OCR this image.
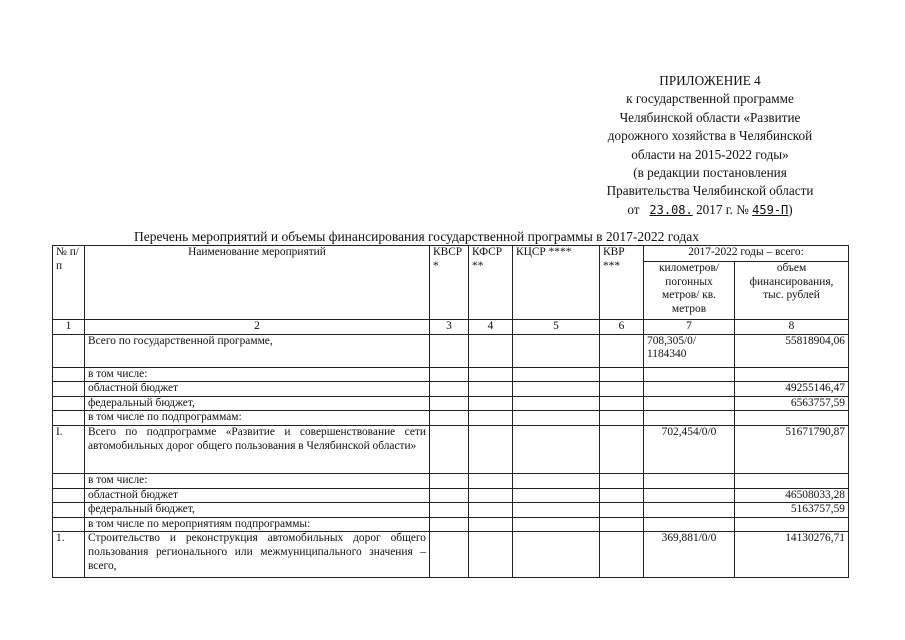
ПРИЛОЖЕНИЕ 4
к государственной программе
Челябинской области «Развитие
дорожного хозяйства в Челябинской
области на 2015-2022 годы»
(в редакции постановления
Правительства Челябинской области
от 23.08. 2017 г. № 459-П)
Перечень мероприятий и объемы финансирования государственной программы в 2017-2022 годах
№ п/п	Наименование мероприятий	КВСР *	КФСР **	КЦСР ****	КВР ***	2017-2022 годы – всего:	
						километров/ погонных метров/ кв. метров	объем финансирования, тыс. рублей
1	2	3	4	5	6	7	8
	Всего по государственной программе,					708,305/0/ 1184340	55818904,06
	в том числе:						
	областной бюджет						49255146,47
	федеральный бюджет,						6563757,59
	в том числе по подпрограммам:						
I.	Всего по подпрограмме «Развитие и совершенствование сети автомобильных дорог общего пользования в Челябинской области»					702,454/0/0	51671790,87
	в том числе:						
	областной бюджет						46508033,28
	федеральный бюджет,						5163757,59
	в том числе по мероприятиям подпрограммы:						
1.	Строительство и реконструкция автомобильных дорог общего пользования регионального или межмуниципального значения – всего,					369,881/0/0	14130276,71
